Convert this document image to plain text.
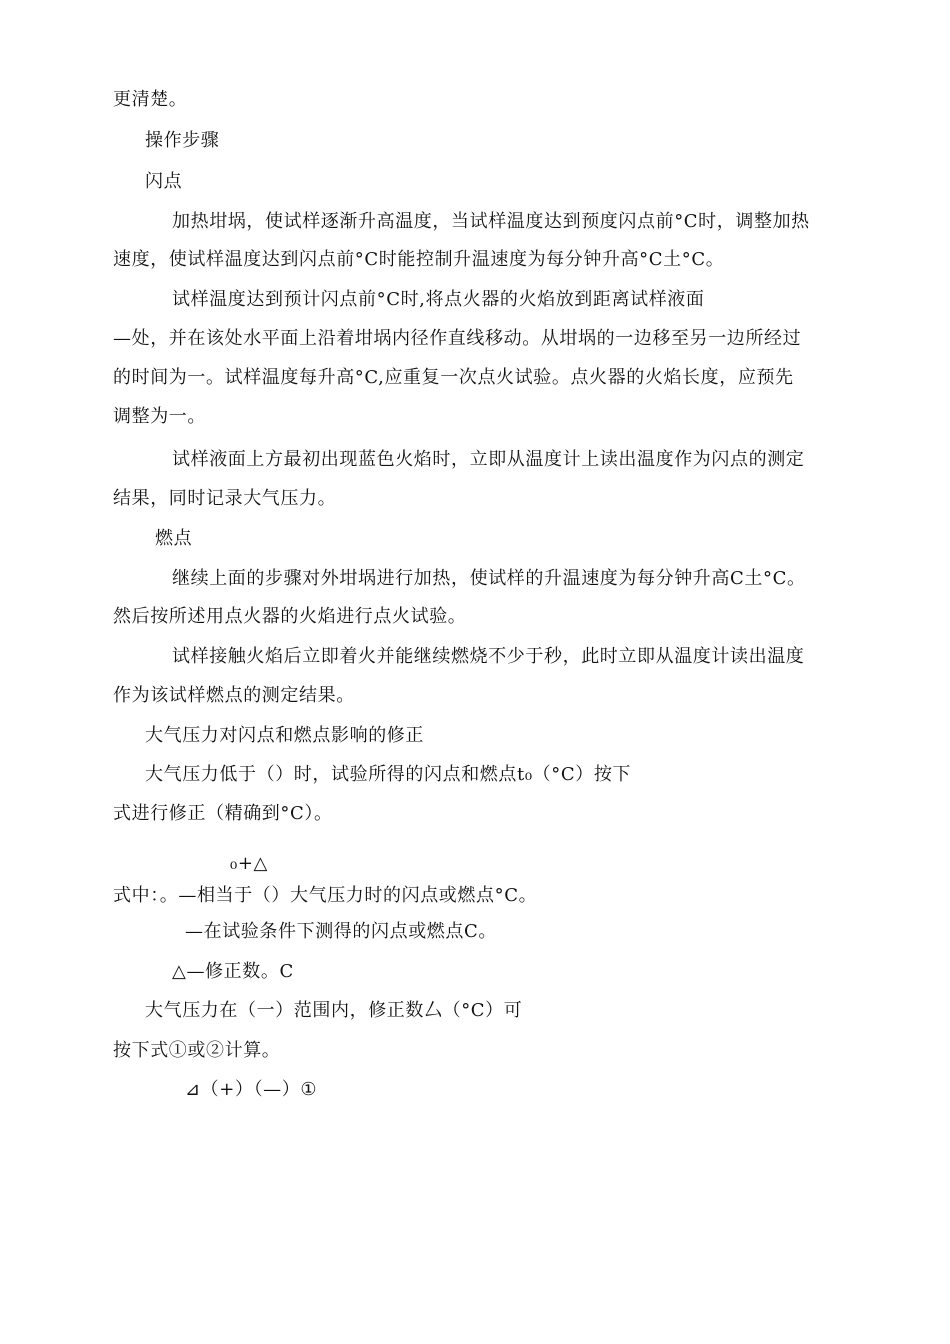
更清楚。
操作步骤
闪点
加热坩埚，使试样逐渐升高温度，当试样温度达到预度闪点前°C时，调整加热
速度，使试样温度达到闪点前°C时能控制升温速度为每分钟升高°C土°C。
试样温度达到预计闪点前°C时,将点火器的火焰放到距离试样液面
—处，并在该处水平面上沿着坩埚内径作直线移动。从坩埚的一边移至另一边所经过
的时间为一。试样温度每升高°C,应重复一次点火试验。点火器的火焰长度，应预先
调整为一。
试样液面上方最初出现蓝色火焰时，立即从温度计上读出温度作为闪点的测定
结果，同时记录大气压力。
燃点
继续上面的步骤对外坩埚进行加热，使试样的升温速度为每分钟升高C土°C。
然后按所述用点火器的火焰进行点火试验。
试样接触火焰后立即着火并能继续燃烧不少于秒，此时立即从温度计读出温度
作为该试样燃点的测定结果。
大气压力对闪点和燃点影响的修正
大气压力低于（）时，试验所得的闪点和燃点t₀（°C）按下
式进行修正（精确到°C）。
₀+△
式中：。—相当于（）大气压力时的闪点或燃点°C。
—在试验条件下测得的闪点或燃点C。
△—修正数。C
大气压力在（一）范围内，修正数厶（°C）可
按下式①或②计算。
⊿（+）（—）①
